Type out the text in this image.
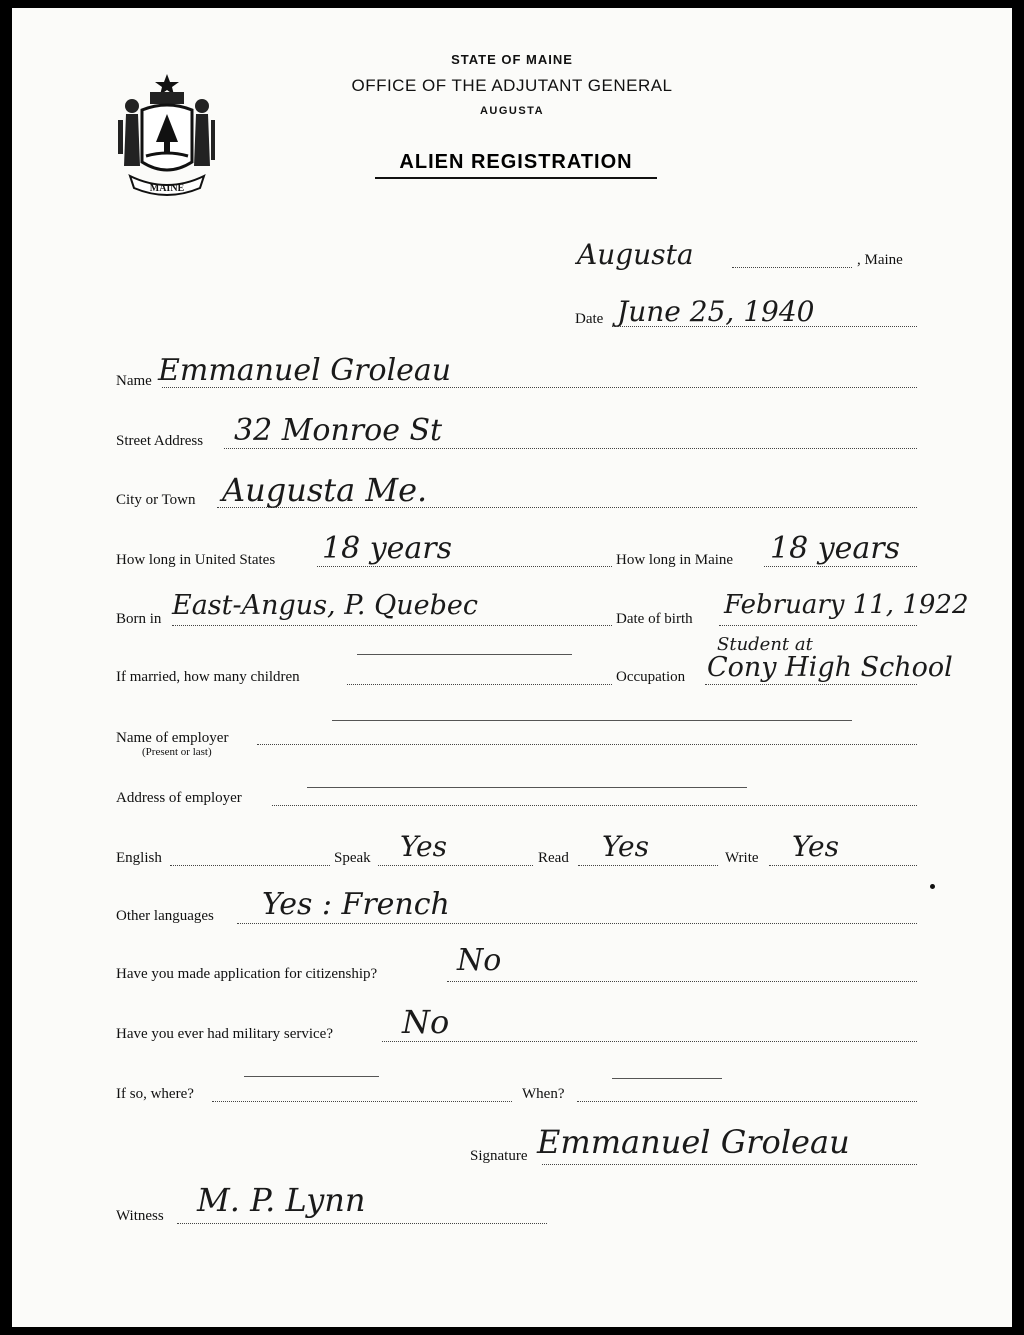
MAINE
STATE OF MAINE
OFFICE OF THE ADJUTANT GENERAL
AUGUSTA
ALIEN REGISTRATION
Augusta	, Maine
Date June 25, 1940
Name Emmanuel Groleau
Street Address 32 Monroe St
City or Town Augusta Me.
How long in United States 18 years	How long in Maine 18 years
Born in East-Angus, P. Quebec	Date of birth February 11, 1922
If married, how many children	Occupation
Student at
Cony High School
Name of employer
(Present or last)
Address of employer
English	Speak Yes	Read Yes	Write Yes
Other languages Yes : French
Have you made application for citizenship?	No
Have you ever had military service? No
If so, where?	When?
Signature Emmanuel Groleau
Witness M. P. Lynn
